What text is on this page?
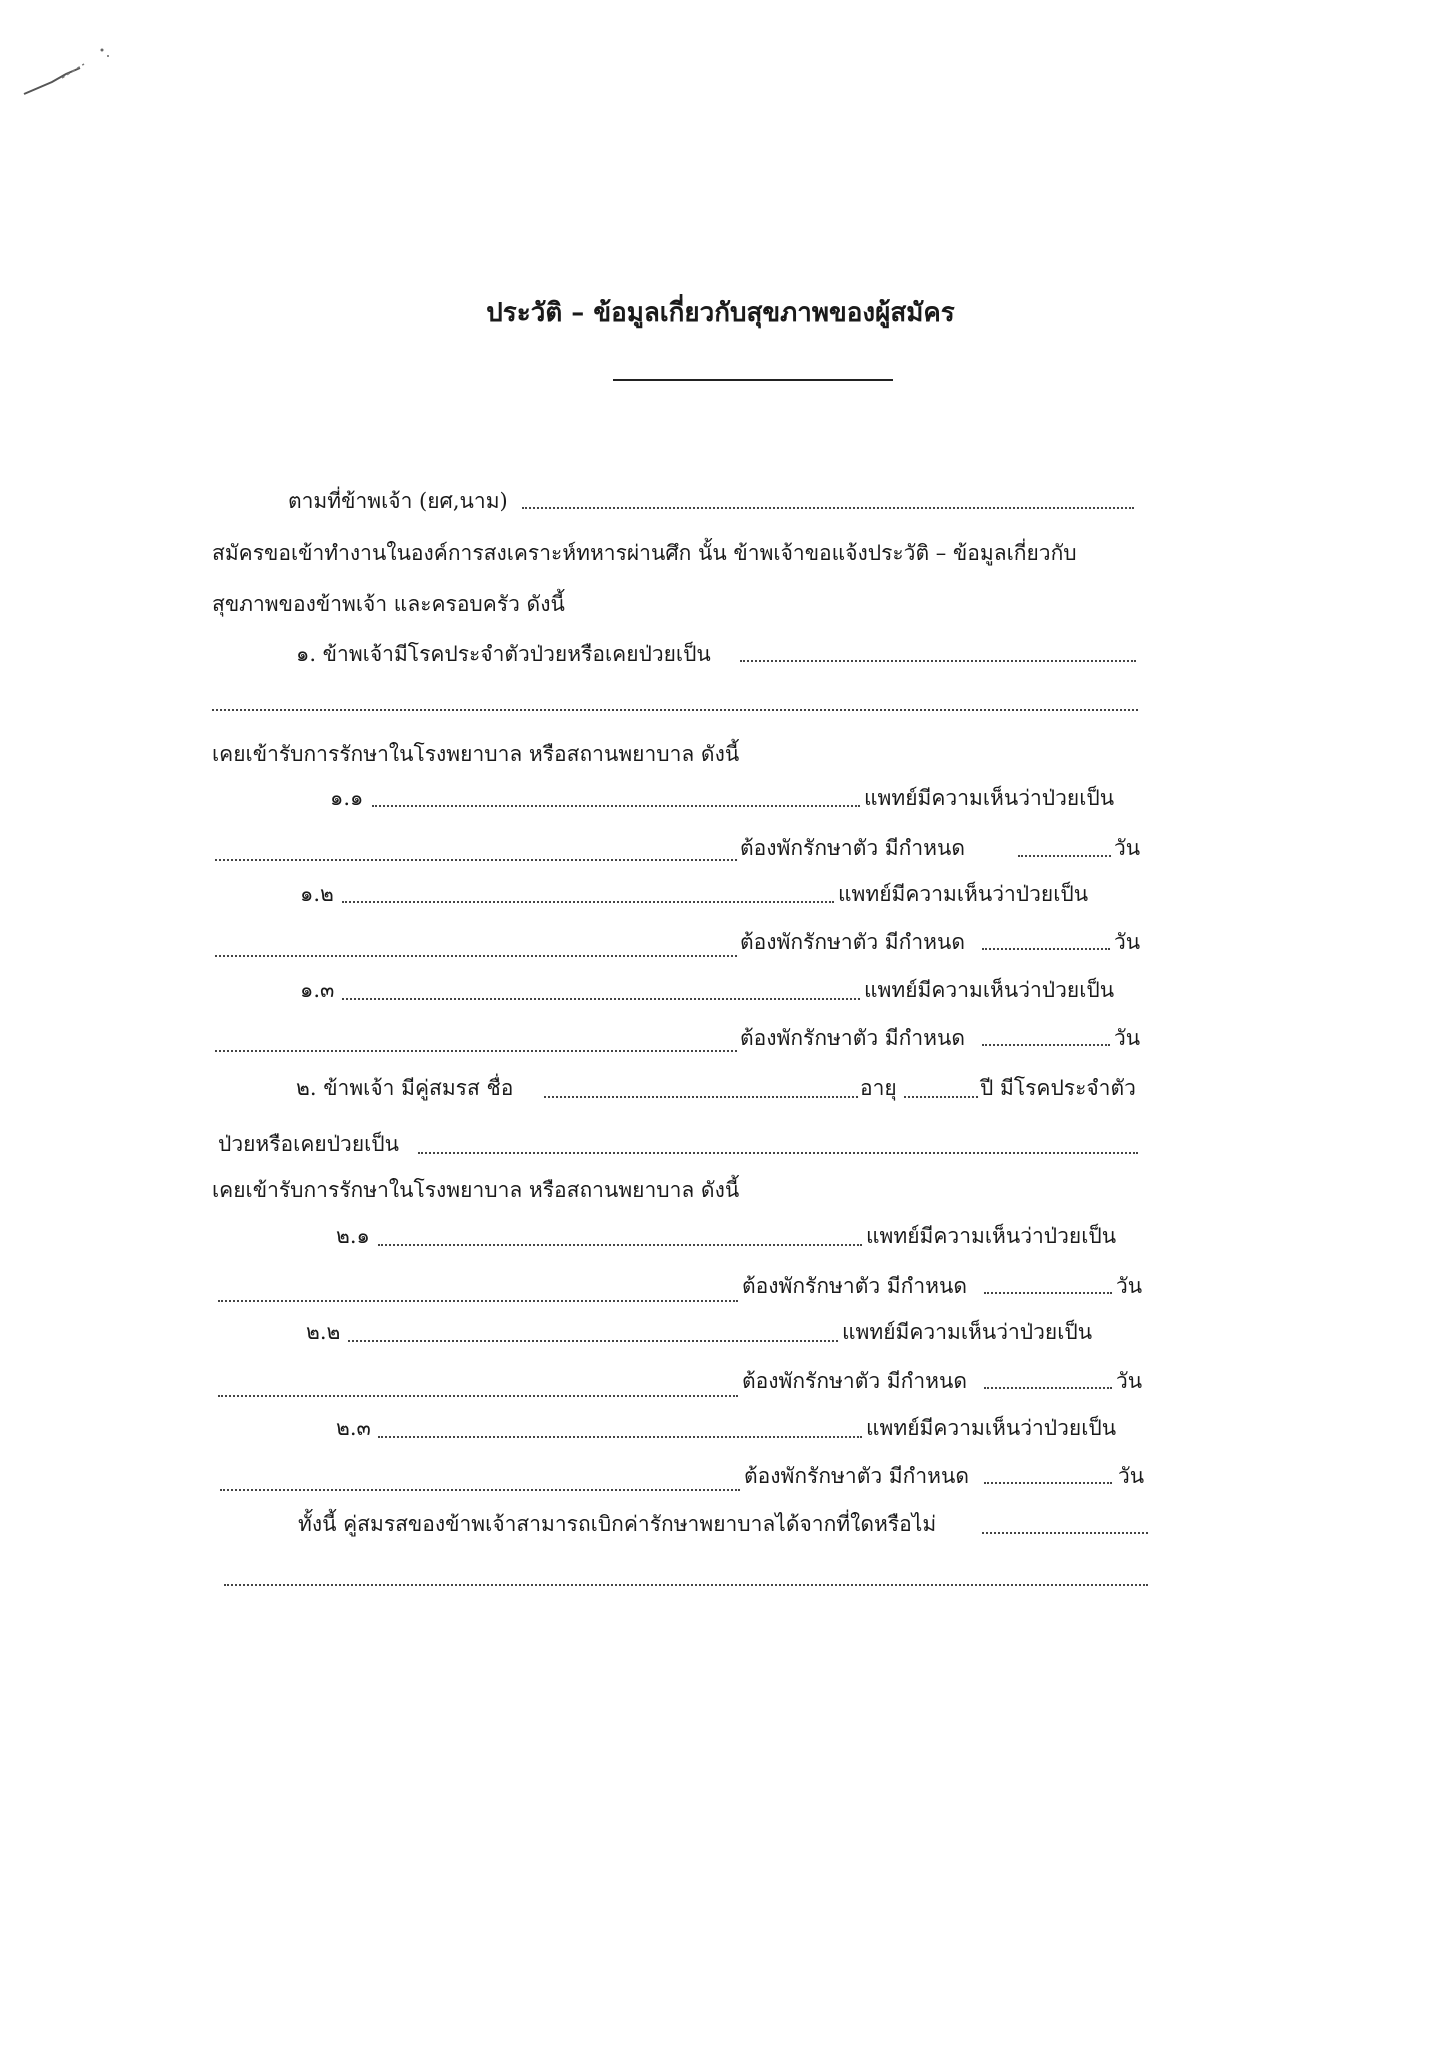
ประวัติ – ข้อมูลเกี่ยวกับสุขภาพของผู้สมัคร
ตามที่ข้าพเจ้า (ยศ,นาม)
สมัครขอเข้าทำงานในองค์การสงเคราะห์ทหารผ่านศึก นั้น ข้าพเจ้าขอแจ้งประวัติ – ข้อมูลเกี่ยวกับ
สุขภาพของข้าพเจ้า และครอบครัว ดังนี้
๑. ข้าพเจ้ามีโรคประจำตัวป่วยหรือเคยป่วยเป็น
เคยเข้ารับการรักษาในโรงพยาบาล หรือสถานพยาบาล ดังนี้
๑.๑	แพทย์มีความเห็นว่าป่วยเป็น
ต้องพักรักษาตัว มีกำหนด	วัน
๑.๒	แพทย์มีความเห็นว่าป่วยเป็น
ต้องพักรักษาตัว มีกำหนด	วัน
๑.๓	แพทย์มีความเห็นว่าป่วยเป็น
ต้องพักรักษาตัว มีกำหนด	วัน
๒. ข้าพเจ้า มีคู่สมรส ชื่อ	อายุ	ปี มีโรคประจำตัว
ป่วยหรือเคยป่วยเป็น
เคยเข้ารับการรักษาในโรงพยาบาล หรือสถานพยาบาล ดังนี้
๒.๑	แพทย์มีความเห็นว่าป่วยเป็น
ต้องพักรักษาตัว มีกำหนด	วัน
๒.๒	แพทย์มีความเห็นว่าป่วยเป็น
ต้องพักรักษาตัว มีกำหนด	วัน
๒.๓	แพทย์มีความเห็นว่าป่วยเป็น
ต้องพักรักษาตัว มีกำหนด	วัน
ทั้งนี้ คู่สมรสของข้าพเจ้าสามารถเบิกค่ารักษาพยาบาลได้จากที่ใดหรือไม่
